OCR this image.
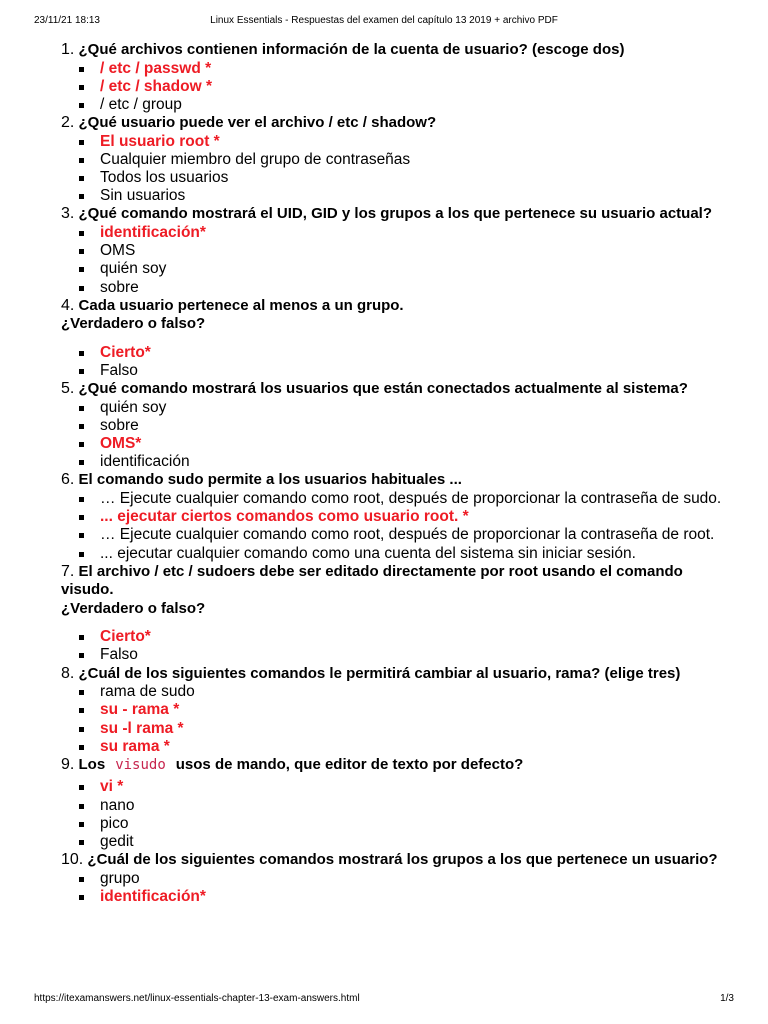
23/11/21 18:13	Linux Essentials - Respuestas del examen del capítulo 13 2019 + archivo PDF
1. ¿Qué archivos contienen información de la cuenta de usuario? (escoge dos)
/ etc / passwd *
/ etc / shadow *
/ etc / group
2. ¿Qué usuario puede ver el archivo / etc / shadow?
El usuario root *
Cualquier miembro del grupo de contraseñas
Todos los usuarios
Sin usuarios
3. ¿Qué comando mostrará el UID, GID y los grupos a los que pertenece su usuario actual?
identificación*
OMS
quién soy
sobre
4. Cada usuario pertenece al menos a un grupo.
¿Verdadero o falso?
Cierto*
Falso
5. ¿Qué comando mostrará los usuarios que están conectados actualmente al sistema?
quién soy
sobre
OMS*
identificación
6. El comando sudo permite a los usuarios habituales ...
… Ejecute cualquier comando como root, después de proporcionar la contraseña de sudo.
... ejecutar ciertos comandos como usuario root. *
… Ejecute cualquier comando como root, después de proporcionar la contraseña de root.
... ejecutar cualquier comando como una cuenta del sistema sin iniciar sesión.
7. El archivo / etc / sudoers debe ser editado directamente por root usando el comando visudo.
¿Verdadero o falso?
Cierto*
Falso
8. ¿Cuál de los siguientes comandos le permitirá cambiar al usuario, rama? (elige tres)
rama de sudo
su - rama *
su -l rama *
su rama *
9. Los visudo usos de mando, que editor de texto por defecto?
vi *
nano
pico
gedit
10. ¿Cuál de los siguientes comandos mostrará los grupos a los que pertenece un usuario?
grupo
identificación*
https://itexamanswers.net/linux-essentials-chapter-13-exam-answers.html	1/3
